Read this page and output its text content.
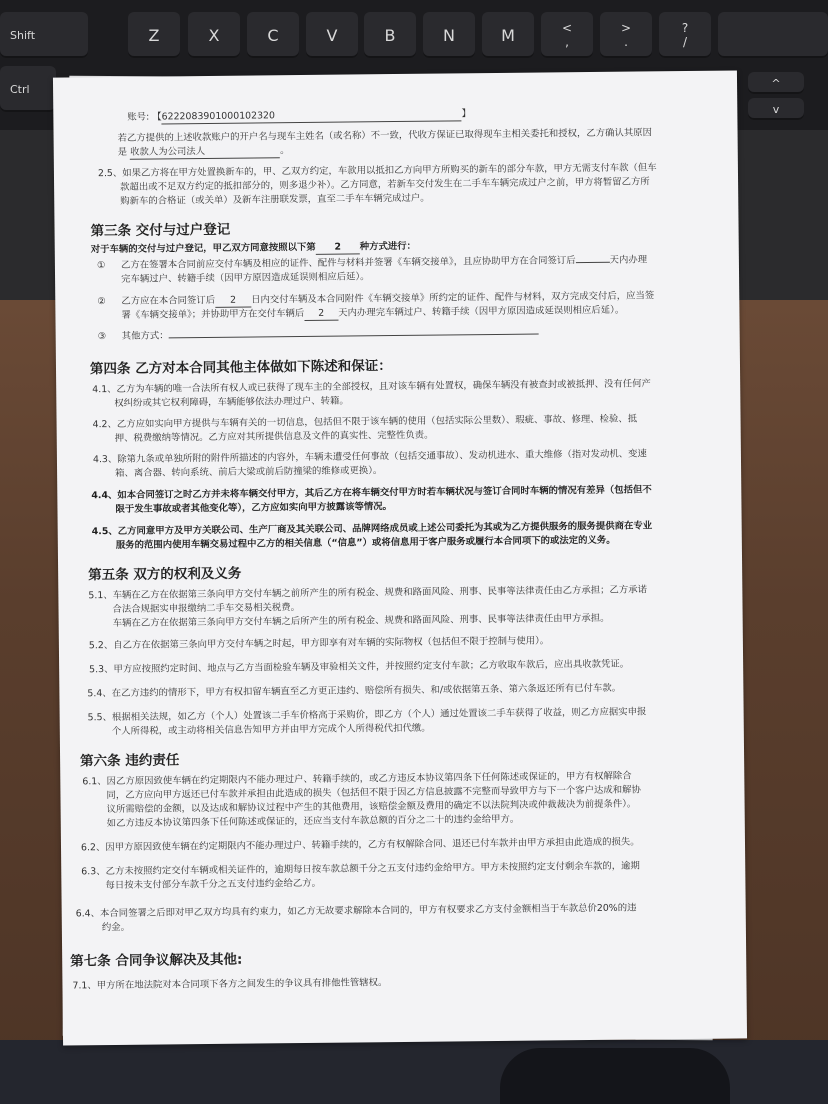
Shift	Z	X	C	V	B	N	M	<
,
>
.
?
/
Ctrl	^
v
账号: 【6222083901000102320	】
若乙方提供的上述收款账户的开户名与现车主姓名（或名称）不一致，代收方保证已取得现车主相关委托和授权，乙方确认其原因
是 收款人为公司法人	。
2.5、如果乙方将在甲方处置换新车的，甲、乙双方约定，车款用以抵扣乙方向甲方所购买的新车的部分车款，甲方无需支付车款（但车
款超出或不足双方约定的抵扣部分的，则多退少补）。乙方同意，若新车交付发生在二手车车辆完成过户之前，甲方将暂留乙方所
购新车的合格证（或关单）及新车注册联发票，直至二手车车辆完成过户。
第三条 交付与过户登记
对于车辆的交付与过户登记，甲乙双方同意按照以下第 2 种方式进行：
① 乙方在签署本合同前应交付车辆及相应的证件、配件与材料并签署《车辆交接单》，且应协助甲方在合同签订后	天内办理
完车辆过户、转籍手续（因甲方原因造成延误则相应后延）。
② 乙方应在本合同签订后 2 日内交付车辆及本合同附件《车辆交接单》所约定的证件、配件与材料，双方完成交付后，应当签
署《车辆交接单》；并协助甲方在交付车辆后 2 天内办理完车辆过户、转籍手续（因甲方原因造成延误则相应后延）。
③ 其他方式：
第四条 乙方对本合同其他主体做如下陈述和保证：
4.1、乙方为车辆的唯一合法所有权人或已获得了现车主的全部授权，且对该车辆有处置权，确保车辆没有被查封或被抵押、没有任何产
权纠纷或其它权利障碍，车辆能够依法办理过户、转籍。
4.2、乙方应如实向甲方提供与车辆有关的一切信息，包括但不限于该车辆的使用（包括实际公里数）、瑕疵、事故、修理、检验、抵
押、税费缴纳等情况。乙方应对其所提供信息及文件的真实性、完整性负责。
4.3、除第九条或单独所附的附件所描述的内容外，车辆未遭受任何事故（包括交通事故）、发动机进水、重大维修（指对发动机、变速
箱、离合器、转向系统、前后大梁或前后防撞梁的维修或更换）。
4.4、如本合同签订之时乙方并未将车辆交付甲方，其后乙方在将车辆交付甲方时若车辆状况与签订合同时车辆的情况有差异（包括但不
限于发生事故或者其他变化等），乙方应如实向甲方披露该等情况。
4.5、乙方同意甲方及甲方关联公司、生产厂商及其关联公司、品牌网络成员或上述公司委托为其或为乙方提供服务的服务提供商在专业
服务的范围内使用车辆交易过程中乙方的相关信息（“信息”）或将信息用于客户服务或履行本合同项下的或法定的义务。
第五条 双方的权利及义务
5.1、车辆在乙方在依据第三条向甲方交付车辆之前所产生的所有税金、规费和路面风险、刑事、民事等法律责任由乙方承担；乙方承诺
合法合规据实申报缴纳二手车交易相关税费。
车辆在乙方在依据第三条向甲方交付车辆之后所产生的所有税金、规费和路面风险、刑事、民事等法律责任由甲方承担。
5.2、自乙方在依据第三条向甲方交付车辆之时起，甲方即享有对车辆的实际物权（包括但不限于控制与使用）。
5.3、甲方应按照约定时间、地点与乙方当面检验车辆及审验相关文件，并按照约定支付车款；乙方收取车款后，应出具收款凭证。
5.4、在乙方违约的情形下，甲方有权扣留车辆直至乙方更正违约、赔偿所有损失、和/或依据第五条、第六条返还所有已付车款。
5.5、根据相关法规，如乙方（个人）处置该二手车价格高于采购价，即乙方（个人）通过处置该二手车获得了收益，则乙方应据实申报
个人所得税，或主动将相关信息告知甲方并由甲方完成个人所得税代扣代缴。
第六条 违约责任
6.1、因乙方原因致使车辆在约定期限内不能办理过户、转籍手续的，或乙方违反本协议第四条下任何陈述或保证的，甲方有权解除合
同，乙方应向甲方返还已付车款并承担由此造成的损失（包括但不限于因乙方信息披露不完整而导致甲方与下一个客户达成和解协
议所需赔偿的金额，以及达成和解协议过程中产生的其他费用，该赔偿金额及费用的确定不以法院判决或仲裁裁决为前提条件）。
如乙方违反本协议第四条下任何陈述或保证的，还应当支付车款总额的百分之二十的违约金给甲方。
6.2、因甲方原因致使车辆在约定期限内不能办理过户、转籍手续的，乙方有权解除合同、退还已付车款并由甲方承担由此造成的损失。
6.3、乙方未按照约定交付车辆或相关证件的，逾期每日按车款总额千分之五支付违约金给甲方。甲方未按照约定支付剩余车款的，逾期
每日按未支付部分车款千分之五支付违约金给乙方。
6.4、本合同签署之后即对甲乙双方均具有约束力，如乙方无故要求解除本合同的，甲方有权要求乙方支付金额相当于车款总价20%的违
约金。
第七条 合同争议解决及其他:
7.1、甲方所在地法院对本合同项下各方之间发生的争议具有排他性管辖权。
